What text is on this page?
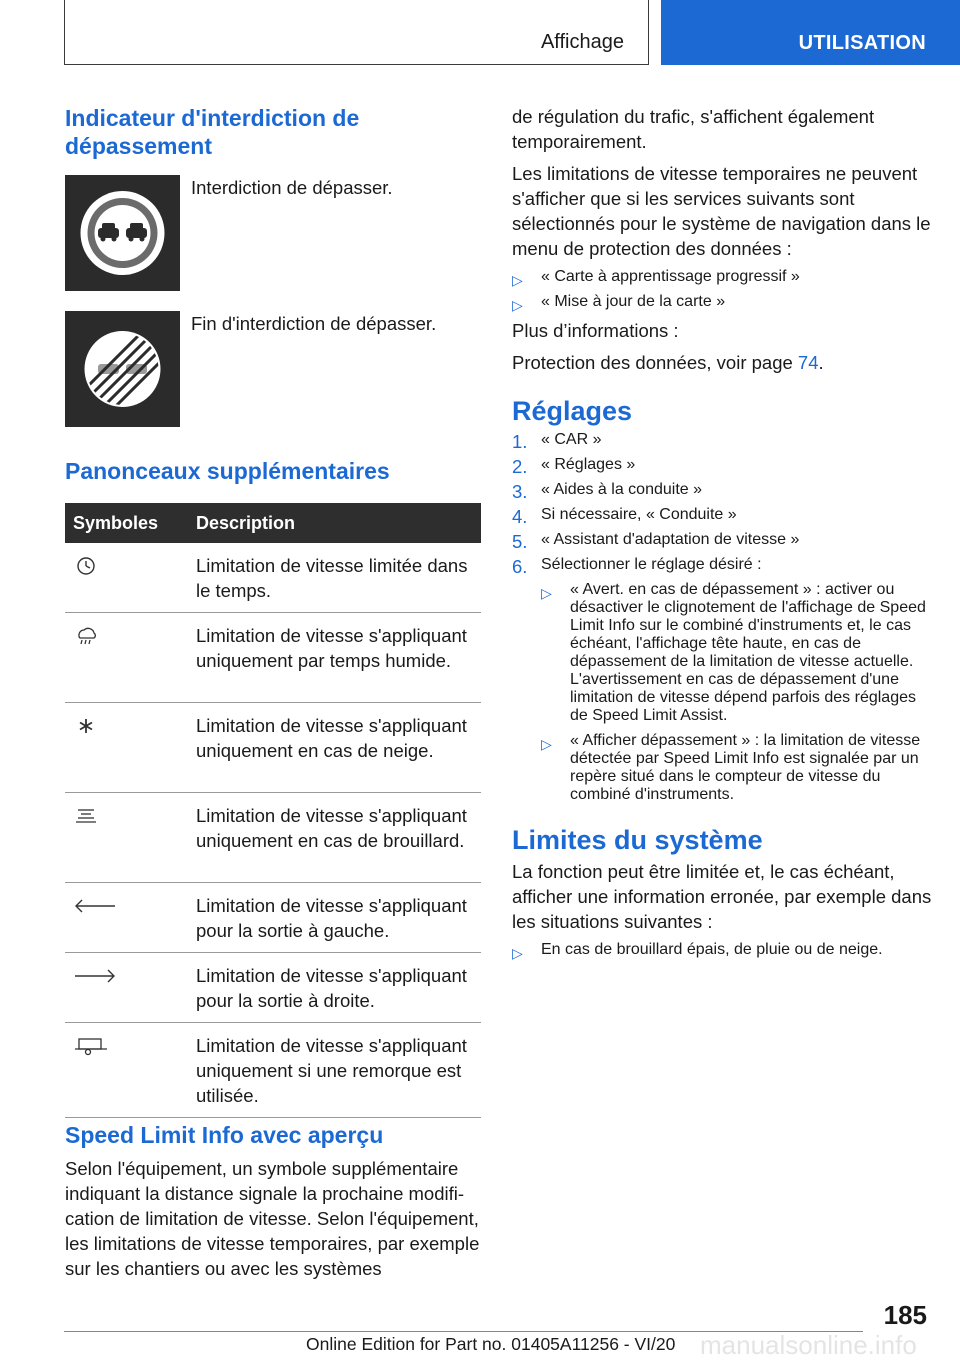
Affichage	UTILISATION
Indicateur d'interdiction de dépassement

Interdiction de dépasser.

Fin d'interdiction de dépasser.

Panonceaux supplémentaires
Symboles	Description

	Limitation de vitesse limitée dans le temps.

	Limitation de vitesse s'appliquant uniquement par temps humide.

	Limitation de vitesse s'appliquant uniquement en cas de neige.

	Limitation de vitesse s'appliquant uniquement en cas de brouillard.

	Limitation de vitesse s'appliquant pour la sortie à gauche.

	Limitation de vitesse s'appliquant pour la sortie à droite.

	Limitation de vitesse s'appliquant uniquement si une remorque est utilisée.
Speed Limit Info avec aperçu

Selon l'équipement, un symbole supplémentaire indiquant la distance signale la prochaine modification de limitation de vitesse. Selon l'équipement, les limitations de vitesse temporaires, par exemple sur les chantiers ou avec les systèmes

de régulation du trafic, s'affichent également temporairement.

Les limitations de vitesse temporaires ne peuvent s'afficher que si les services suivants sont sélectionnés pour le système de navigation dans le menu de protection des données :

▷ « Carte à apprentissage progressif »
▷ « Mise à jour de la carte »

Plus d’informations :

Protection des données, voir page 74.

Réglages
1. « CAR »
2. « Réglages »
3. « Aides à la conduite »
4. Si nécessaire, « Conduite »
5. « Assistant d'adaptation de vitesse »
6. Sélectionner le réglage désiré :
▷ « Avert. en cas de dépassement » : activer ou désactiver le clignotement de l'affichage de Speed Limit Info sur le combiné d'instruments et, le cas échéant, l'affichage tête haute, en cas de dépassement de la limitation de vitesse actuelle. L'avertissement en cas de dépassement d'une limitation de vitesse dépend parfois des réglages de Speed Limit Assist.
▷ « Afficher dépassement » : la limitation de vitesse détectée par Speed Limit Info est signalée par un repère situé dans le compteur de vitesse du combiné d'instruments.
Limites du système

La fonction peut être limitée et, le cas échéant, afficher une information erronée, par exemple dans les situations suivantes :

▷ En cas de brouillard épais, de pluie ou de neige.
185
Online Edition for Part no. 01405A11256 - VI/20 manualsonline.info
